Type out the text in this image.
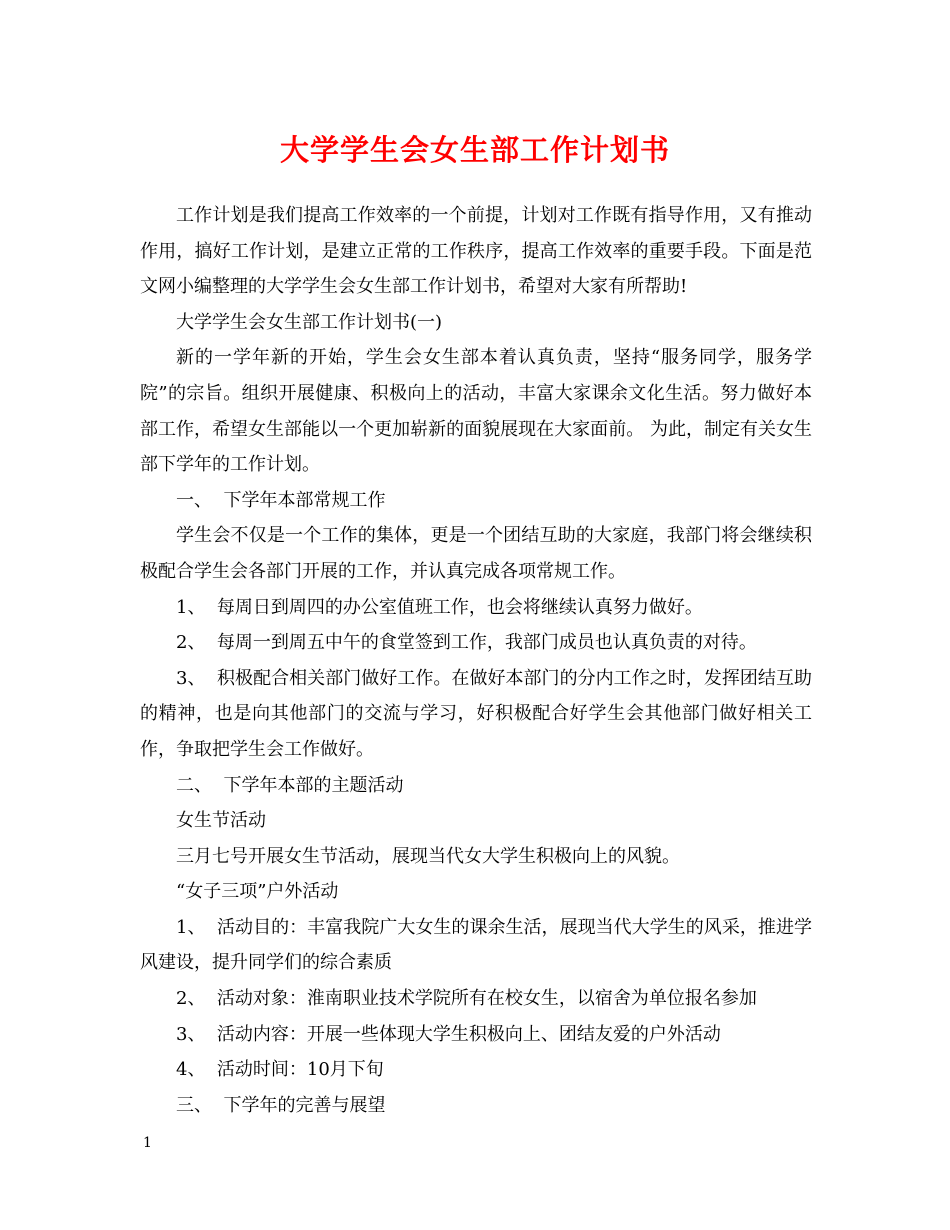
大学学生会女生部工作计划书

工作计划是我们提高工作效率的一个前提，计划对工作既有指导作用，又有推动作用，搞好工作计划，是建立正常的工作秩序，提高工作效率的重要手段。下面是范文网小编整理的大学学生会女生部工作计划书，希望对大家有所帮助!

大学学生会女生部工作计划书(一)

新的一学年新的开始，学生会女生部本着认真负责，坚持“服务同学，服务学院”的宗旨。组织开展健康、积极向上的活动，丰富大家课余文化生活。努力做好本部工作，希望女生部能以一个更加崭新的面貌展现在大家面前。 为此，制定有关女生部下学年的工作计划。

一、  下学年本部常规工作

学生会不仅是一个工作的集体，更是一个团结互助的大家庭，我部门将会继续积极配合学生会各部门开展的工作，并认真完成各项常规工作。

1、  每周日到周四的办公室值班工作，也会将继续认真努力做好。

2、  每周一到周五中午的食堂签到工作，我部门成员也认真负责的对待。

3、  积极配合相关部门做好工作。在做好本部门的分内工作之时，发挥团结互助的精神，也是向其他部门的交流与学习，好积极配合好学生会其他部门做好相关工作，争取把学生会工作做好。

二、  下学年本部的主题活动

女生节活动

三月七号开展女生节活动，展现当代女大学生积极向上的风貌。

“女子三项”户外活动

1、  活动目的：丰富我院广大女生的课余生活，展现当代大学生的风采，推进学风建设，提升同学们的综合素质

2、  活动对象：淮南职业技术学院所有在校女生，以宿舍为单位报名参加

3、  活动内容：开展一些体现大学生积极向上、团结友爱的户外活动

4、  活动时间：10月下旬

三、  下学年的完善与展望

1
